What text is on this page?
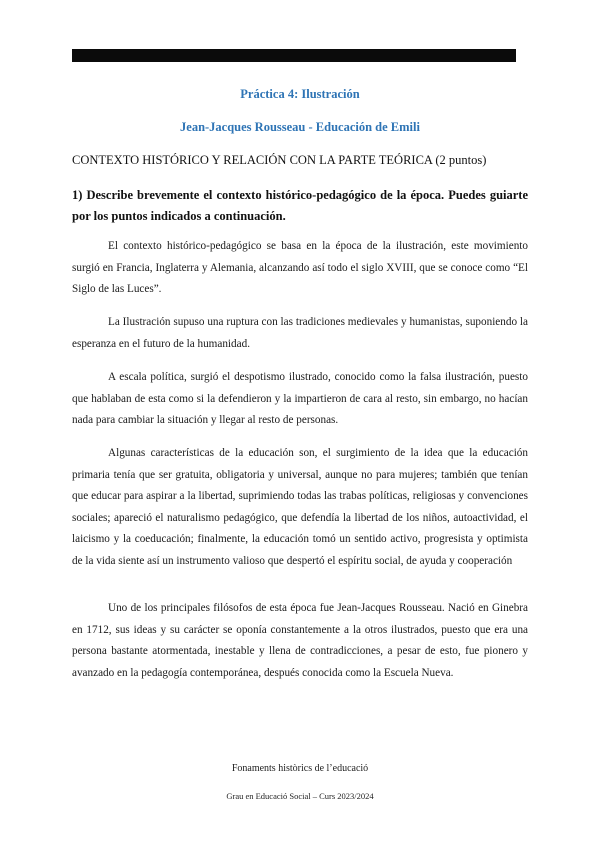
Práctica 4: Ilustración
Jean-Jacques Rousseau - Educación de Emili
CONTEXTO HISTÓRICO Y RELACIÓN CON LA PARTE TEÓRICA (2 puntos)
1) Describe brevemente el contexto histórico-pedagógico de la época. Puedes guiarte por los puntos indicados a continuación.
El contexto histórico-pedagógico se basa en la época de la ilustración, este movimiento surgió en Francia, Inglaterra y Alemania, alcanzando así todo el siglo XVIII, que se conoce como “El Siglo de las Luces”.
La Ilustración supuso una ruptura con las tradiciones medievales y humanistas, suponiendo la esperanza en el futuro de la humanidad.
A escala política, surgió el despotismo ilustrado, conocido como la falsa ilustración, puesto que hablaban de esta como si la defendieron y la impartieron de cara al resto, sin embargo, no hacían nada para cambiar la situación y llegar al resto de personas.
Algunas características de la educación son, el surgimiento de la idea que la educación primaria tenía que ser gratuita, obligatoria y universal, aunque no para mujeres; también que tenían que educar para aspirar a la libertad, suprimiendo todas las trabas políticas, religiosas y convenciones sociales; apareció el naturalismo pedagógico, que defendía la libertad de los niños, autoactividad, el laicismo y la coeducación; finalmente, la educación tomó un sentido activo, progresista y optimista de la vida siente así un instrumento valioso que despertó el espíritu social, de ayuda y cooperación
Uno de los principales filósofos de esta época fue Jean-Jacques Rousseau. Nació en Ginebra en 1712, sus ideas y su carácter se oponía constantemente a la otros ilustrados, puesto que era una persona bastante atormentada, inestable y llena de contradicciones, a pesar de esto, fue pionero y avanzado en la pedagogía contemporánea, después conocida como la Escuela Nueva.
Fonaments històrics de l’educació
Grau en Educació Social – Curs 2023/2024
